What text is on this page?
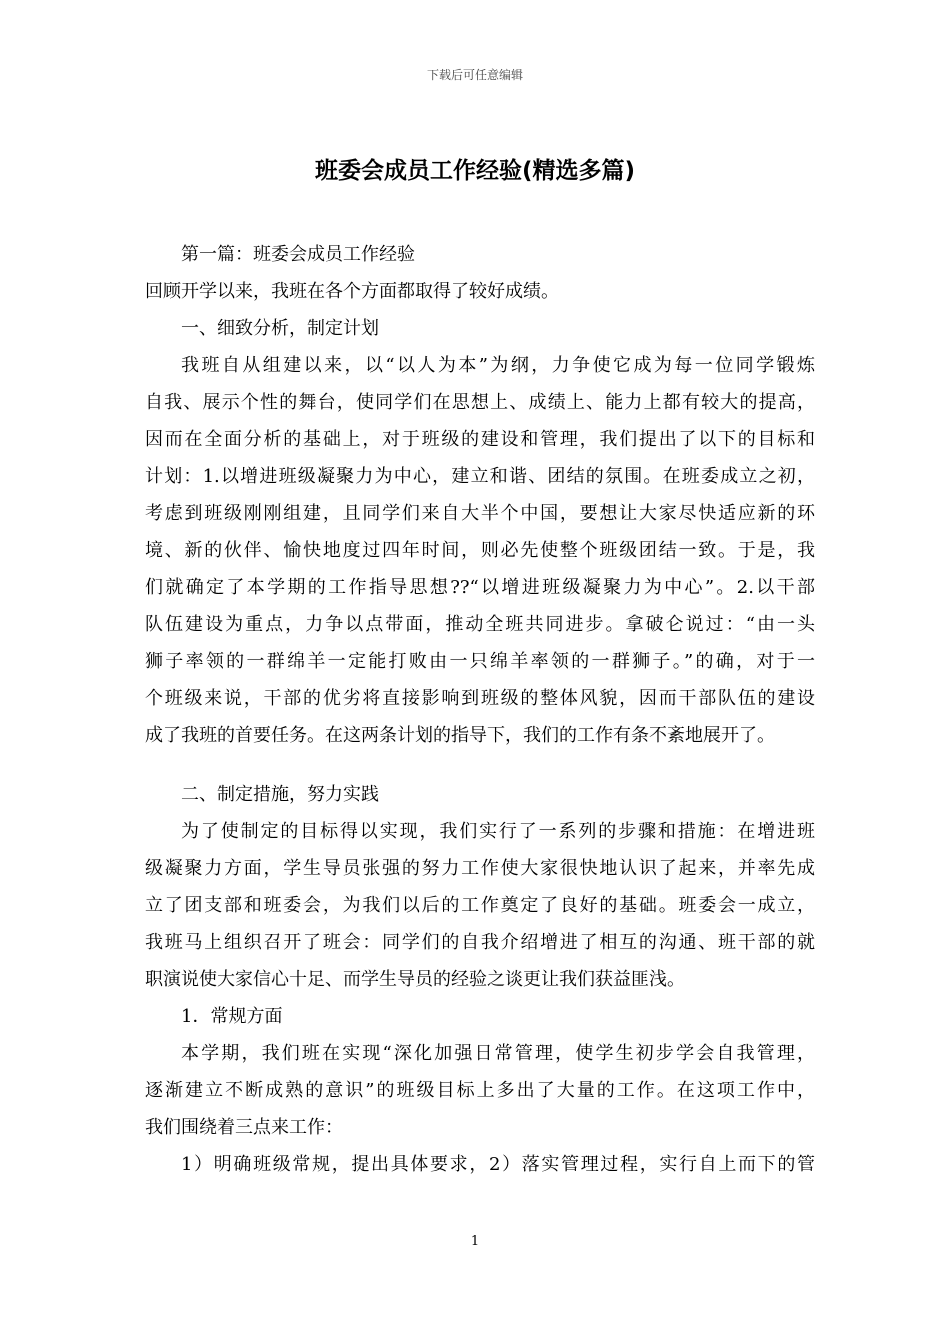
下载后可任意编辑
班委会成员工作经验(精选多篇)
第一篇：班委会成员工作经验
回顾开学以来，我班在各个方面都取得了较好成绩。
一、细致分析，制定计划
我班自从组建以来，以“以人为本”为纲，力争使它成为每一位同学锻炼
自我、展示个性的舞台，使同学们在思想上、成绩上、能力上都有较大的提高，
因而在全面分析的基础上，对于班级的建设和管理，我们提出了以下的目标和
计划：1.以增进班级凝聚力为中心，建立和谐、团结的氛围。在班委成立之初，
考虑到班级刚刚组建，且同学们来自大半个中国，要想让大家尽快适应新的环
境、新的伙伴、愉快地度过四年时间，则必先使整个班级团结一致。于是，我
们就确定了本学期的工作指导思想??“以增进班级凝聚力为中心”。2.以干部
队伍建设为重点，力争以点带面，推动全班共同进步。拿破仑说过：“由一头
狮子率领的一群绵羊一定能打败由一只绵羊率领的一群狮子。”的确，对于一
个班级来说，干部的优劣将直接影响到班级的整体风貌，因而干部队伍的建设
成了我班的首要任务。在这两条计划的指导下，我们的工作有条不紊地展开了。
二、制定措施，努力实践
为了使制定的目标得以实现，我们实行了一系列的步骤和措施：在增进班
级凝聚力方面，学生导员张强的努力工作使大家很快地认识了起来，并率先成
立了团支部和班委会，为我们以后的工作奠定了良好的基础。班委会一成立，
我班马上组织召开了班会：同学们的自我介绍增进了相互的沟通、班干部的就
职演说使大家信心十足、而学生导员的经验之谈更让我们获益匪浅。
1．常规方面
本学期，我们班在实现“深化加强日常管理，使学生初步学会自我管理，
逐渐建立不断成熟的意识”的班级目标上多出了大量的工作。在这项工作中，
我们围绕着三点来工作：
1）明确班级常规，提出具体要求，2）落实管理过程，实行自上而下的管
1
